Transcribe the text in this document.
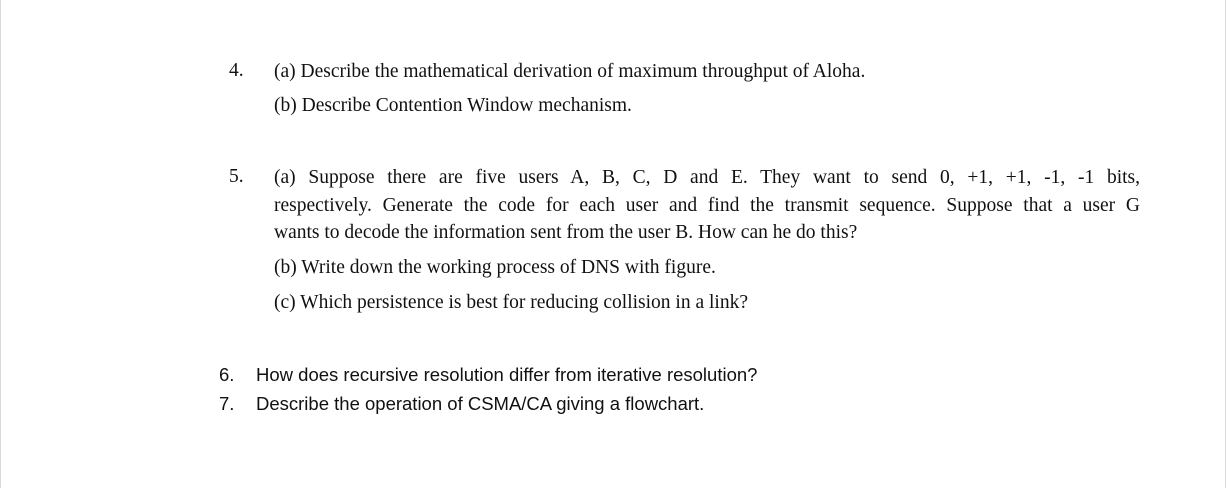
4. (a) Describe the mathematical derivation of maximum throughput of Aloha.
(b) Describe Contention Window mechanism.
5. (a) Suppose there are five users A, B, C, D and E. They want to send 0, +1, +1, -1, -1 bits,
respectively. Generate the code for each user and find the transmit sequence. Suppose that a user G
wants to decode the information sent from the user B. How can he do this?
(b) Write down the working process of DNS with figure.
(c) Which persistence is best for reducing collision in a link?
6. How does recursive resolution differ from iterative resolution?
7. Describe the operation of CSMA/CA giving a flowchart.
